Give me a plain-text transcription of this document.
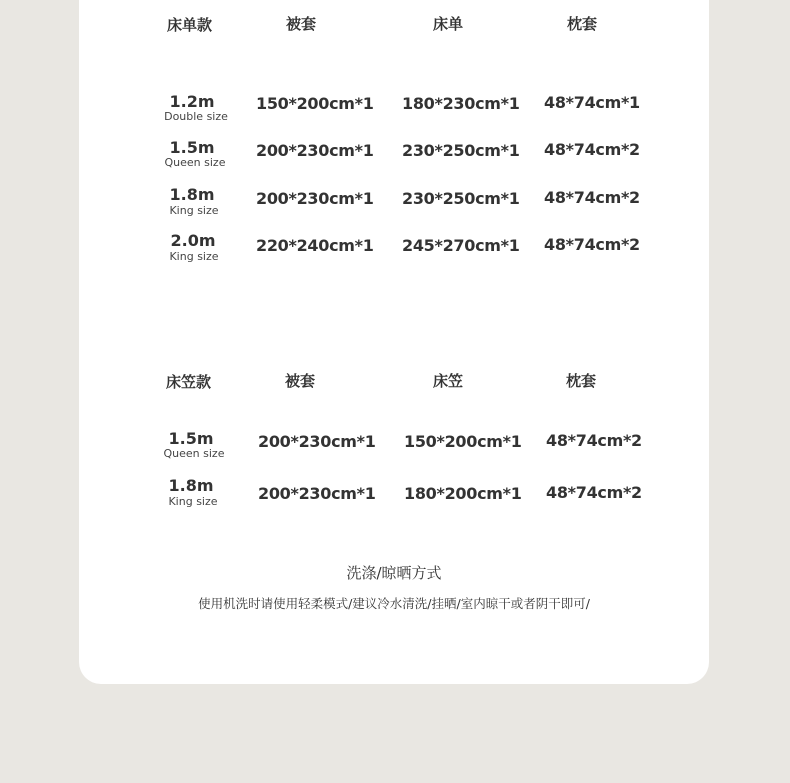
床单款	被套	床单	枕套
1.2m
Double size
150*200cm*1 180*230cm*1 48*74cm*1
1.5m
Queen size
200*230cm*1 230*250cm*1 48*74cm*2
1.8m
King size
200*230cm*1 230*250cm*1 48*74cm*2
2.0m
King size
220*240cm*1 245*270cm*1 48*74cm*2
床笠款	被套	床笠	枕套
1.5m
Queen size
200*230cm*1 150*200cm*1 48*74cm*2
1.8m
King size	200*230cm*1 180*200cm*1 48*74cm*2
洗涤/晾晒方式
使用机洗时请使用轻柔模式/建议冷水清洗/挂晒/室内晾干或者阴干即可/
